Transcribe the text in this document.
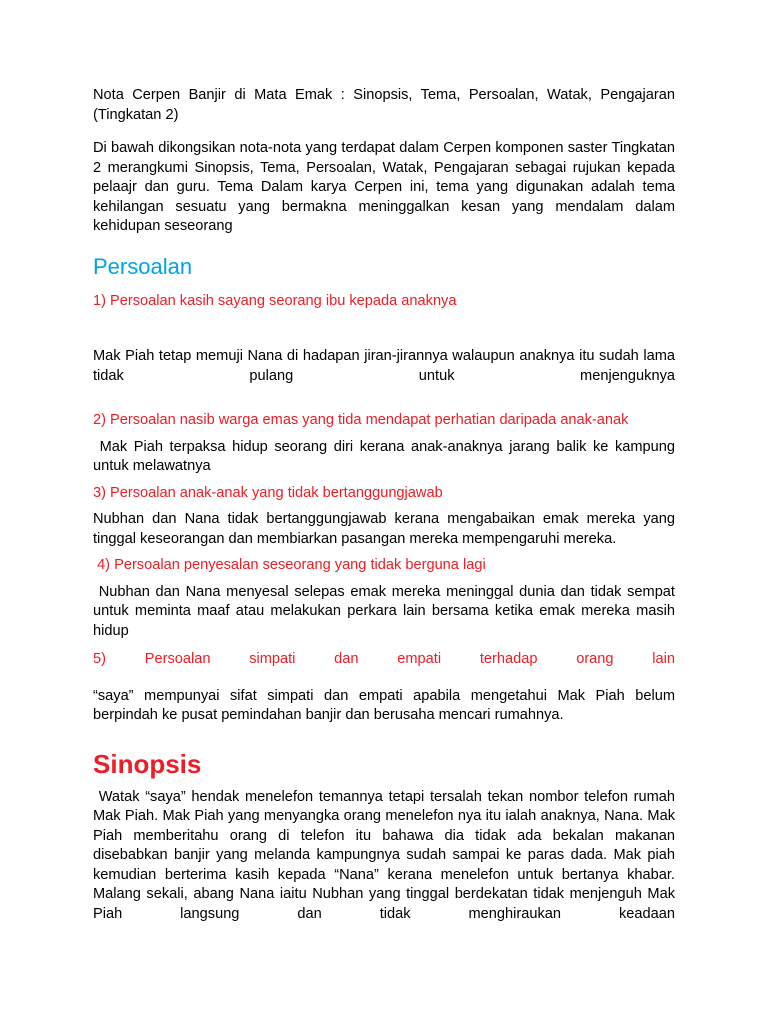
Nota Cerpen Banjir di Mata Emak : Sinopsis, Tema, Persoalan, Watak, Pengajaran (Tingkatan 2)

Di bawah dikongsikan nota-nota yang terdapat dalam Cerpen komponen saster Tingkatan 2 merangkumi Sinopsis, Tema, Persoalan, Watak, Pengajaran sebagai rujukan kepada pelaajr dan guru. Tema Dalam karya Cerpen ini, tema yang digunakan adalah tema kehilangan sesuatu yang bermakna meninggalkan kesan yang mendalam dalam kehidupan seseorang

Persoalan

1) Persoalan kasih sayang seorang ibu kepada anaknya

Mak Piah tetap memuji Nana di hadapan jiran-jirannya walaupun anaknya itu sudah lama tidak pulang untuk menjenguknya

2) Persoalan nasib warga emas yang tida mendapat perhatian daripada anak-anak

Mak Piah terpaksa hidup seorang diri kerana anak-anaknya jarang balik ke kampung untuk melawatnya

3) Persoalan anak-anak yang tidak bertanggungjawab

Nubhan dan Nana tidak bertanggungjawab kerana mengabaikan emak mereka yang tinggal keseorangan dan membiarkan pasangan mereka mempengaruhi mereka.

4) Persoalan penyesalan seseorang yang tidak berguna lagi

Nubhan dan Nana menyesal selepas emak mereka meninggal dunia dan tidak sempat untuk meminta maaf atau melakukan perkara lain bersama ketika emak mereka masih hidup

5) Persoalan simpati dan empati terhadap orang lain

“saya” mempunyai sifat simpati dan empati apabila mengetahui Mak Piah belum berpindah ke pusat pemindahan banjir dan berusaha mencari rumahnya.

Sinopsis

Watak “saya” hendak menelefon temannya tetapi tersalah tekan nombor telefon rumah Mak Piah. Mak Piah yang menyangka orang menelefon nya itu ialah anaknya, Nana. Mak Piah memberitahu orang di telefon itu bahawa dia tidak ada bekalan makanan disebabkan banjir yang melanda kampungnya sudah sampai ke paras dada. Mak piah kemudian berterima kasih kepada “Nana” kerana menelefon untuk bertanya khabar. Malang sekali, abang Nana iaitu Nubhan yang tinggal berdekatan tidak menjenguh Mak Piah langsung dan tidak menghiraukan keadaan
